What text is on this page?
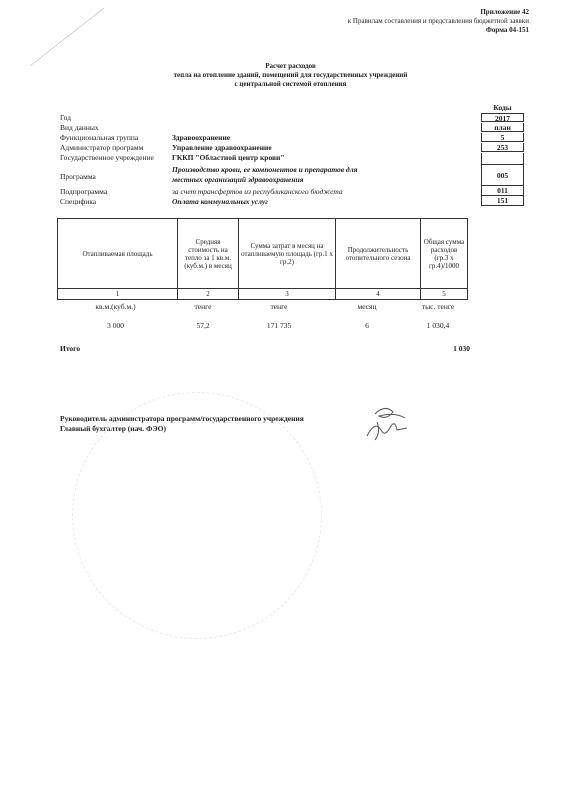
Приложение 42
к Правилам составления и представления бюджетной заявки
Форма 04-151
Расчет расходов
тепла на отопление зданий, помещений для государственных учреждений
с центральной системой отопления
Коды
Год	2017
Вид данных	план
Функциональная группа	Здравоохранение	5
Администратор программ	Управление здравоохранение	253
Государственное учреждение ГККП "Областной центр крови"
Программа
Производство крови, ее компонентов и препаратов для местных организаций здравоохранения	005
Подпрограмма	за счет трансфертов из республиканского бюджета	011
Специфика	Оплата коммунальных услуг	151
Отапливаемая площадь	Средняя стоимость на тепло за 1 кв.м.(куб.м.) в месяц	Сумма затрат в месяц на отапливаемую площадь (гр.1 х гр.2)	Продолжительность отопительного сезона	Общая сумма расходов (гр.3 х гр.4)/1000
1	2	3	4	5
кв.м.(куб.м.)	тенге	тенге	месяц	тыс. тенге
3 000	57,2	171 735	6	1 030,4
Итого	1 030
Руководитель администратора программ/государственного учреждения
Главный бухгалтер (нач. ФЭО)
